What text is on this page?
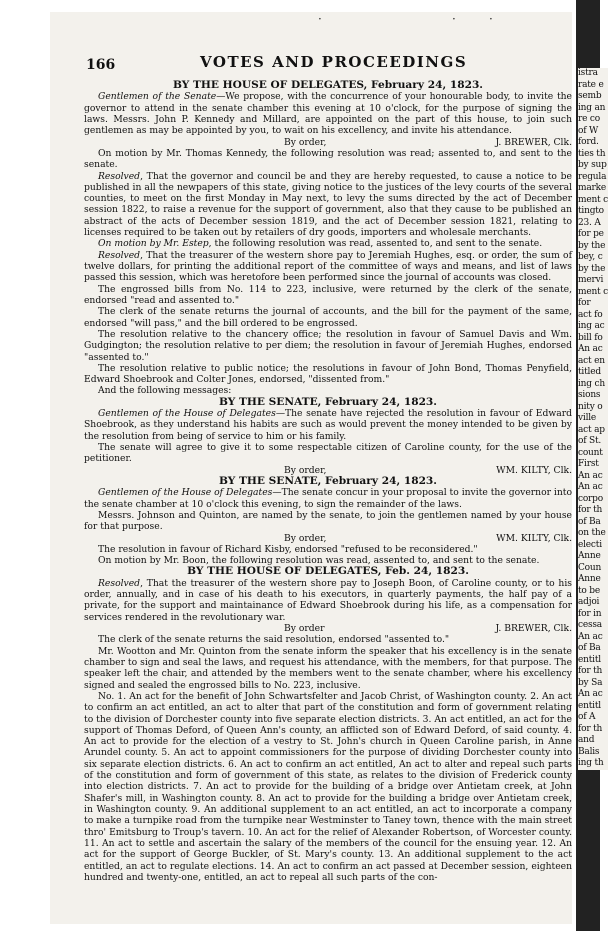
·	·	·
166	VOTES AND PROCEEDINGS

BY THE HOUSE OF DELEGATES, February 24, 1823.

Gentlemen of the Senate—We propose, with the concurrence of your honourable body, to invite the governor to attend in the senate chamber this evening at 10 o'clock, for the purpose of signing the laws. Messrs. John P. Kennedy and Millard, are appointed on the part of this house, to join such gentlemen as may be appointed by you, to wait on his excellency, and invite his attendance.

By order,	J. BREWER, Clk.

On motion by Mr. Thomas Kennedy, the following resolution was read; assented to, and sent to the senate.

Resolved, That the governor and council be and they are hereby requested, to cause a notice to be published in all the newpapers of this state, giving notice to the justices of the levy courts of the several counties, to meet on the first Monday in May next, to levy the sums directed by the act of December session 1822, to raise a revenue for the support of government, also that they cause to be published an abstract of the acts of December session 1819, and the act of December session 1821, relating to licenses required to be taken out by retailers of dry goods, importers and wholesale merchants.

On motion by Mr. Estep, the following resolution was read, assented to, and sent to the senate.

Resolved, That the treasurer of the western shore pay to Jeremiah Hughes, esq. or order, the sum of twelve dollars, for printing the additional report of the committee of ways and means, and list of laws passed this session, which was heretofore been performed since the journal of accounts was closed.

The engrossed bills from No. 114 to 223, inclusive, were returned by the clerk of the senate, endorsed "read and assented to."

The clerk of the senate returns the journal of accounts, and the bill for the payment of the same, endorsed "will pass," and the bill ordered to be engrossed.

The resolution relative to the chancery office; the resolution in favour of Samuel Davis and Wm. Gudgington; the resolution relative to per diem; the resolution in favour of Jeremiah Hughes, endorsed "assented to."

The resolution relative to public notice; the resolutions in favour of John Bond, Thomas Penyfield, Edward Shoebrook and Colter Jones, endorsed, "dissented from."

And the following messages:

BY THE SENATE, February 24, 1823.

Gentlemen of the House of Delegates—The senate have rejected the resolution in favour of Edward Shoebrook, as they understand his habits are such as would prevent the money intended to be given by the resolution from being of service to him or his family.

The senate will agree to give it to some respectable citizen of Caroline county, for the use of the petitioner.

By order,	WM. KILTY, Clk.

BY THE SENATE, February 24, 1823.

Gentlemen of the House of Delegates—The senate concur in your proposal to invite the governor into the senate chamber at 10 o'clock this evening, to sign the remainder of the laws.

Messrs. Johnson and Quinton, are named by the senate, to join the gentlemen named by your house for that purpose.

By order,	WM. KILTY, Clk.

The resolution in favour of Richard Kisby, endorsed "refused to be reconsidered."

On motion by Mr. Boon, the following resolution was read, assented to, and sent to the senate.

BY THE HOUSE OF DELEGATES, Feb. 24, 1823.

Resolved, That the treasurer of the western shore pay to Joseph Boon, of Caroline county, or to his order, annually, and in case of his death to his executors, in quarterly payments, the half pay of a private, for the support and maintainance of Edward Shoebrook during his life, as a compensation for services rendered in the revolutionary war.

By order	J. BREWER, Clk.

The clerk of the senate returns the said resolution, endorsed "assented to."

Mr. Wootton and Mr. Quinton from the senate inform the speaker that his excellency is in the senate chamber to sign and seal the laws, and request his attendance, with the members, for that purpose. The speaker left the chair, and attended by the members went to the senate chamber, where his excellency signed and sealed the engrossed bills to No. 223, inclusive.

No. 1. An act for the benefit of John Schwartsfelter and Jacob Christ, of Washington county. 2. An act to confirm an act entitled, an act to alter that part of the constitution and form of government relating to the division of Dorchester county into five separate election districts. 3. An act entitled, an act for the support of Thomas Deford, of Queen Ann's county, an afflicted son of Edward Deford, of said county. 4. An act to provide for the election of a vestry to St. John's church in Queen Caroline parish, in Anne Arundel county. 5. An act to appoint commissioners for the purpose of dividing Dorchester county into six separate election districts. 6. An act to confirm an act entitled, An act to alter and repeal such parts of the constitution and form of government of this state, as relates to the division of Frederick county into election districts. 7. An act to provide for the building of a bridge over Antietam creek, at John Shafer's mill, in Washington county. 8. An act to provide for the building a bridge over Antietam creek, in Washington county. 9. An additional supplement to an act entitled, an act to incorporate a company to make a turnpike road from the turnpike near Westminster to Taney town, thence with the main street thro' Emitsburg to Troup's tavern. 10. An act for the relief of Alexander Robertson, of Worcester county. 11. An act to settle and ascertain the salary of the members of the council for the ensuing year. 12. An act for the support of George Buckler, of St. Mary's county. 13. An additional supplement to the act entitled, an act to regulate elections. 14. An act to confirm an act passed at December session, eighteen hundred and twenty-one, entitled, an act to repeal all such parts of the con-

istra
rate e
semb
ing an
re co
of W
ford.
ties th
by sup
regula
marke
ment c
tingto
23. A
for pe
by the
bey, c
by the
mervi
ment c
for
act fo
ing ac
bill fo
An ac
act en
titled
ing ch
sions
nity o
ville
act ap
of St.
count
First
An ac
An ac
corpo
for th
of Ba
on the
electi
Anne
Coun
Anne
to be
adjoi
for in
cessa
An ac
of Ba
entitl
for th
by Sa
An ac
entitl
of A
for th
and
Balis
ing th
